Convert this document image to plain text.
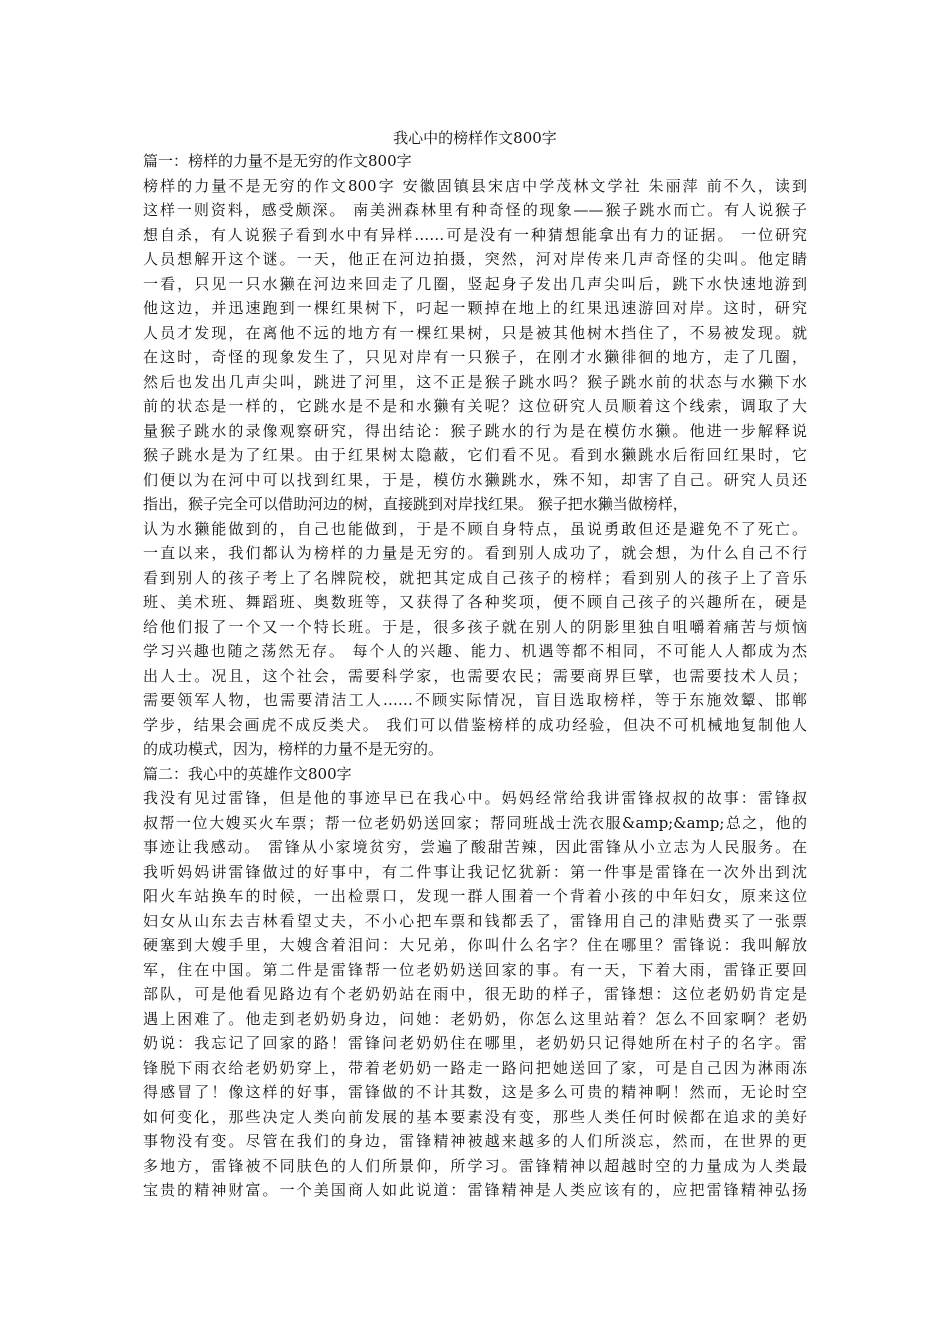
我心中的榜样作文800字
篇一：榜样的力量不是无穷的作文800字
榜样的力量不是无穷的作文800字 安徽固镇县宋店中学茂林文学社 朱丽萍 前不久，读到
这样一则资料，感受颇深。 南美洲森林里有种奇怪的现象——猴子跳水而亡。有人说猴子
想自杀，有人说猴子看到水中有异样……可是没有一种猜想能拿出有力的证据。 一位研究
人员想解开这个谜。一天，他正在河边拍摄，突然，河对岸传来几声奇怪的尖叫。他定睛
一看，只见一只水獭在河边来回走了几圈，竖起身子发出几声尖叫后，跳下水快速地游到
他这边，并迅速跑到一棵红果树下，叼起一颗掉在地上的红果迅速游回对岸。这时，研究
人员才发现，在离他不远的地方有一棵红果树，只是被其他树木挡住了，不易被发现。就
在这时，奇怪的现象发生了，只见对岸有一只猴子，在刚才水獭徘徊的地方，走了几圈，
然后也发出几声尖叫，跳进了河里，这不正是猴子跳水吗？猴子跳水前的状态与水獭下水
前的状态是一样的，它跳水是不是和水獭有关呢？这位研究人员顺着这个线索，调取了大
量猴子跳水的录像观察研究，得出结论：猴子跳水的行为是在模仿水獭。他进一步解释说
猴子跳水是为了红果。由于红果树太隐蔽，它们看不见。看到水獭跳水后衔回红果时，它
们便以为在河中可以找到红果，于是，模仿水獭跳水，殊不知，却害了自己。研究人员还
指出，猴子完全可以借助河边的树，直接跳到对岸找红果。 猴子把水獭当做榜样，
认为水獭能做到的，自己也能做到，于是不顾自身特点，虽说勇敢但还是避免不了死亡。
一直以来，我们都认为榜样的力量是无穷的。看到别人成功了，就会想，为什么自己不行
看到别人的孩子考上了名牌院校，就把其定成自己孩子的榜样；看到别人的孩子上了音乐
班、美术班、舞蹈班、奥数班等，又获得了各种奖项，便不顾自己孩子的兴趣所在，硬是
给他们报了一个又一个特长班。于是，很多孩子就在别人的阴影里独自咀嚼着痛苦与烦恼
学习兴趣也随之荡然无存。 每个人的兴趣、能力、机遇等都不相同，不可能人人都成为杰
出人士。况且，这个社会，需要科学家，也需要农民；需要商界巨擘，也需要技术人员；
需要领军人物，也需要清洁工人……不顾实际情况，盲目选取榜样，等于东施效颦、邯郸
学步，结果会画虎不成反类犬。 我们可以借鉴榜样的成功经验，但决不可机械地复制他人
的成功模式，因为，榜样的力量不是无穷的。
篇二：我心中的英雄作文800字
我没有见过雷锋，但是他的事迹早已在我心中。妈妈经常给我讲雷锋叔叔的故事：雷锋叔
叔帮一位大嫂买火车票；帮一位老奶奶送回家；帮同班战士洗衣服&amp;&amp;总之，他的
事迹让我感动。 雷锋从小家境贫穷，尝遍了酸甜苦辣，因此雷锋从小立志为人民服务。在
我听妈妈讲雷锋做过的好事中，有二件事让我记忆犹新：第一件事是雷锋在一次外出到沈
阳火车站换车的时候，一出检票口，发现一群人围着一个背着小孩的中年妇女，原来这位
妇女从山东去吉林看望丈夫，不小心把车票和钱都丢了，雷锋用自己的津贴费买了一张票
硬塞到大嫂手里，大嫂含着泪问：大兄弟，你叫什么名字？住在哪里？雷锋说：我叫解放
军，住在中国。第二件是雷锋帮一位老奶奶送回家的事。有一天，下着大雨，雷锋正要回
部队，可是他看见路边有个老奶奶站在雨中，很无助的样子，雷锋想：这位老奶奶肯定是
遇上困难了。他走到老奶奶身边，问她：老奶奶，你怎么这里站着？怎么不回家啊？老奶
奶说：我忘记了回家的路！雷锋问老奶奶住在哪里，老奶奶只记得她所在村子的名字。雷
锋脱下雨衣给老奶奶穿上，带着老奶奶一路走一路问把她送回了家，可是自己因为淋雨冻
得感冒了！像这样的好事，雷锋做的不计其数，这是多么可贵的精神啊！然而，无论时空
如何变化，那些决定人类向前发展的基本要素没有变，那些人类任何时候都在追求的美好
事物没有变。尽管在我们的身边，雷锋精神被越来越多的人们所淡忘，然而，在世界的更
多地方，雷锋被不同肤色的人们所景仰，所学习。雷锋精神以超越时空的力量成为人类最
宝贵的精神财富。一个美国商人如此说道：雷锋精神是人类应该有的，应把雷锋精神弘扬
